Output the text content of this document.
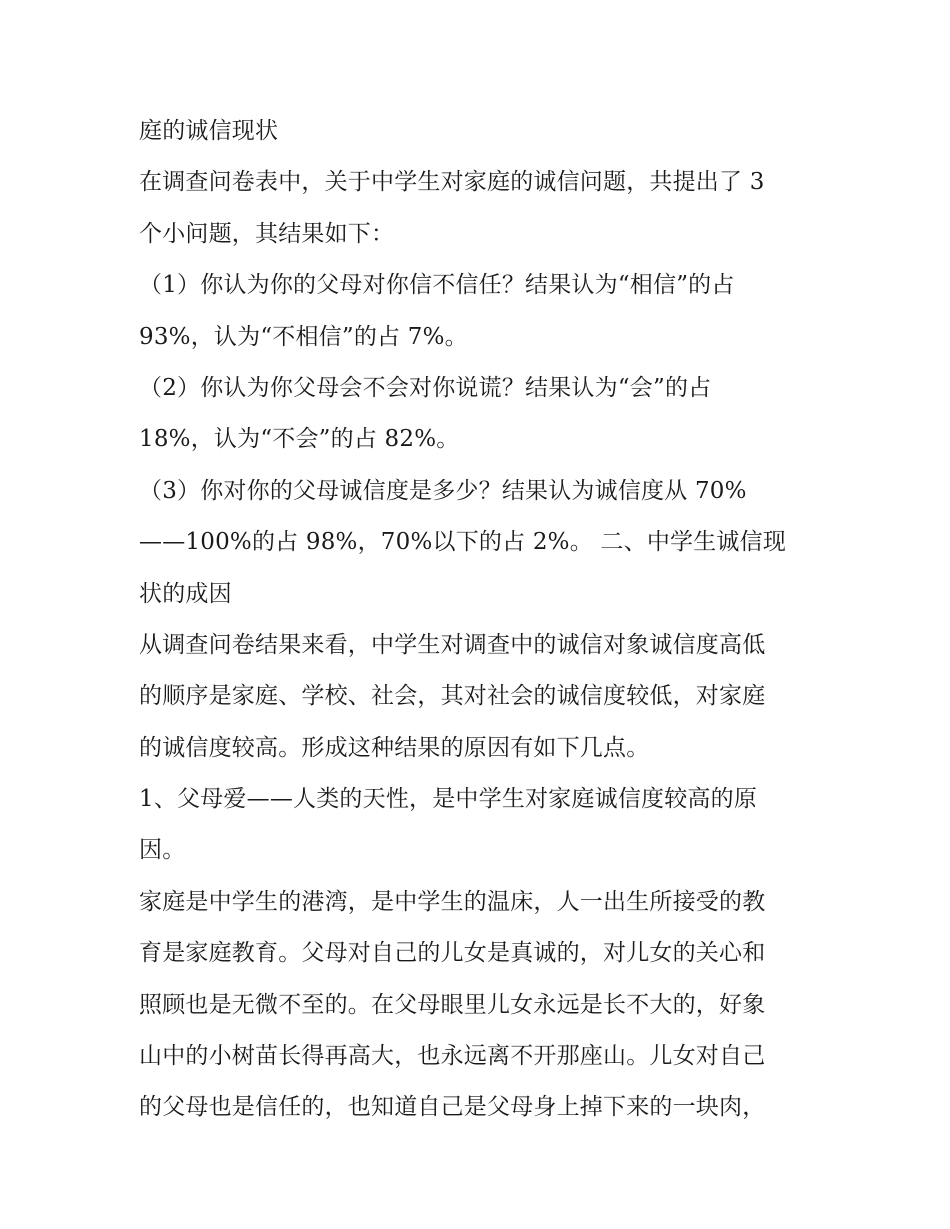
庭的诚信现状
在调查问卷表中，关于中学生对家庭的诚信问题，共提出了 3
个小问题，其结果如下：
（1）你认为你的父母对你信不信任？结果认为“相信”的占
93%，认为“不相信”的占 7%。
（2）你认为你父母会不会对你说谎？结果认为“会”的占
18%，认为“不会”的占 82%。
（3）你对你的父母诚信度是多少？结果认为诚信度从 70%
——100%的占 98%，70%以下的占 2%。 二、中学生诚信现
状的成因
从调查问卷结果来看，中学生对调查中的诚信对象诚信度高低
的顺序是家庭、学校、社会，其对社会的诚信度较低，对家庭
的诚信度较高。形成这种结果的原因有如下几点。
1、父母爱——人类的天性，是中学生对家庭诚信度较高的原
因。
家庭是中学生的港湾，是中学生的温床，人一出生所接受的教
育是家庭教育。父母对自己的儿女是真诚的，对儿女的关心和
照顾也是无微不至的。在父母眼里儿女永远是长不大的，好象
山中的小树苗长得再高大，也永远离不开那座山。儿女对自己
的父母也是信任的，也知道自己是父母身上掉下来的一块肉，
